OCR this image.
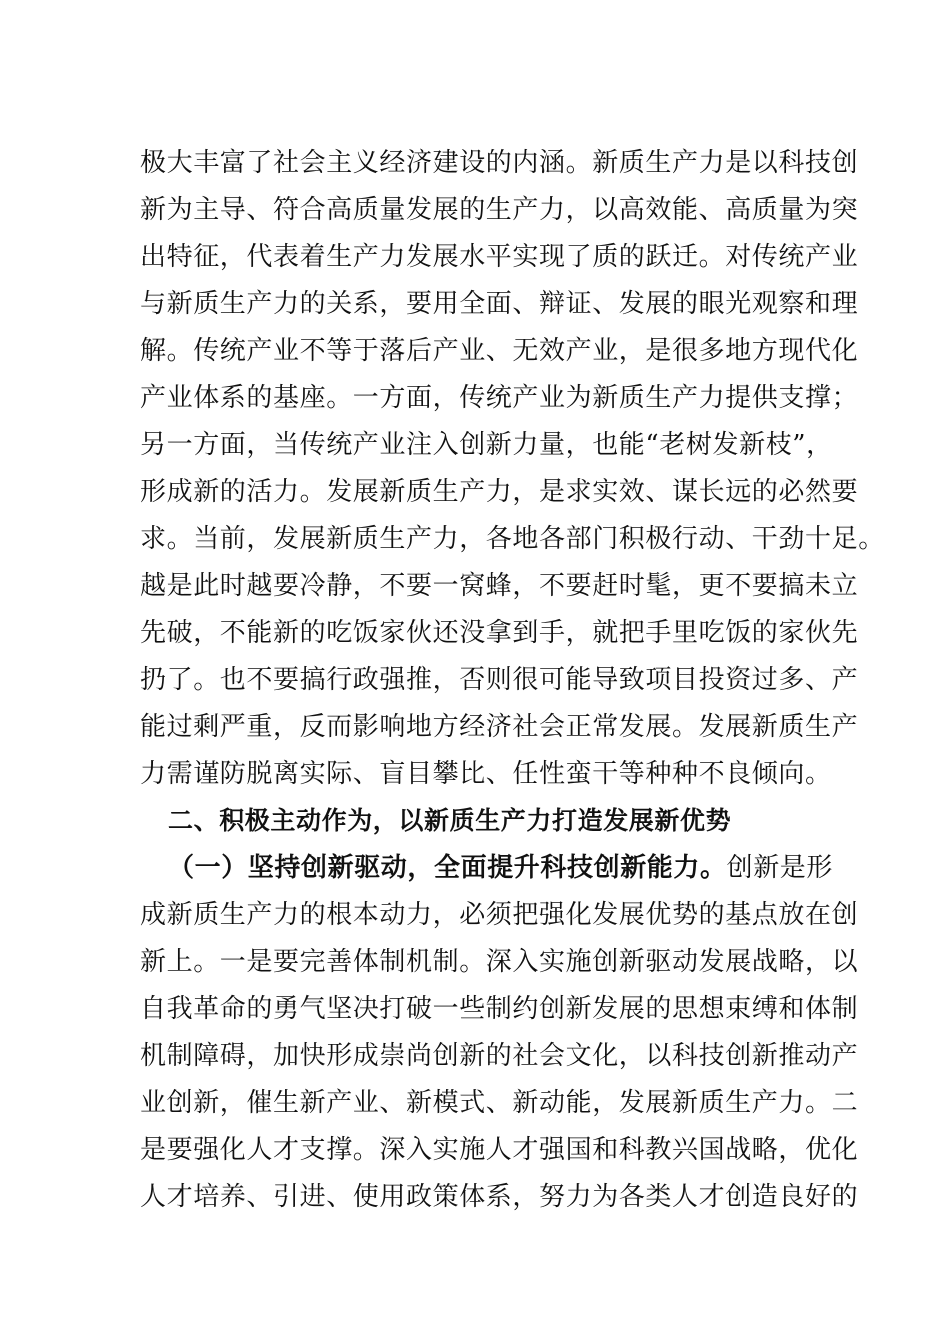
极大丰富了社会主义经济建设的内涵。新质生产力是以科技创
新为主导、符合高质量发展的生产力，以高效能、高质量为突
出特征，代表着生产力发展水平实现了质的跃迁。对传统产业
与新质生产力的关系，要用全面、辩证、发展的眼光观察和理
解。传统产业不等于落后产业、无效产业，是很多地方现代化
产业体系的基座。一方面，传统产业为新质生产力提供支撑；
另一方面，当传统产业注入创新力量，也能“老树发新枝”，
形成新的活力。发展新质生产力，是求实效、谋长远的必然要
求。当前，发展新质生产力，各地各部门积极行动、干劲十足。
越是此时越要冷静，不要一窝蜂，不要赶时髦，更不要搞未立
先破，不能新的吃饭家伙还没拿到手，就把手里吃饭的家伙先
扔了。也不要搞行政强推，否则很可能导致项目投资过多、产
能过剩严重，反而影响地方经济社会正常发展。发展新质生产
力需谨防脱离实际、盲目攀比、任性蛮干等种种不良倾向。
二、积极主动作为，以新质生产力打造发展新优势
（一）坚持创新驱动，全面提升科技创新能力。创新是形
成新质生产力的根本动力，必须把强化发展优势的基点放在创
新上。一是要完善体制机制。深入实施创新驱动发展战略，以
自我革命的勇气坚决打破一些制约创新发展的思想束缚和体制
机制障碍，加快形成崇尚创新的社会文化，以科技创新推动产
业创新，催生新产业、新模式、新动能，发展新质生产力。二
是要强化人才支撑。深入实施人才强国和科教兴国战略，优化
人才培养、引进、使用政策体系，努力为各类人才创造良好的
